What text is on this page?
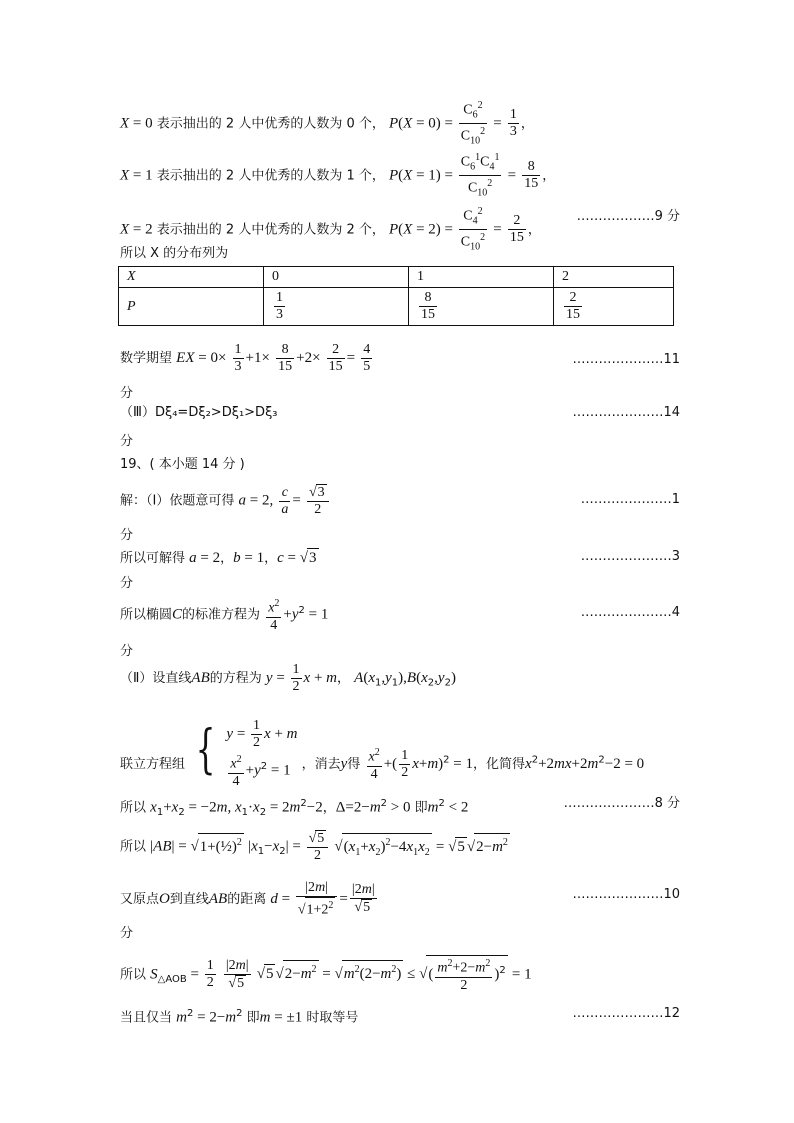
X = 0 表示抽出的 2 人中优秀的人数为 0 个， $P(X = 0) = \frac{C_6^2}{C_{10}^2} = \frac{1}{3}$ ，
X = 1 表示抽出的 2 人中优秀的人数为 1 个， $P(X = 1) = \frac{C_6^1C_4^1}{C_{10}^2} = \frac{8}{15}$ ，
X = 2 表示抽出的 2 人中优秀的人数为 2 个， $P(X = 2) = \frac{C_4^2}{C_{10}^2} = \frac{2}{15}$ ，
………………9 分
所以 X 的分布列为
X	0	1	2
P	$\frac{1}{3}$	$\frac{8}{15}$	$\frac{2}{15}$
数学期望 EX = $0\times \frac{1}{3} +1\times \frac{8}{15} +2\times \frac{2}{15} = \frac{4}{5}$	…………………11
分
（Ⅲ）Dξ₄=Dξ₂>Dξ₁>Dξ₃	…………………14
分
19、( 本小题 14 分 )
解：（Ⅰ）依题意可得 a = 2, $\frac{c}{a} = \frac{√3}{2}$	…………………1
分
所以可解得 a = 2，b = 1，c = √3	…………………3
分
所以椭圆C的标准方程为 $\frac{x^2}{4} +y^2 = 1$	…………………4
分
（Ⅱ）设直线AB的方程为 $y = \frac{1}{2}$ x + m， $A(x_1,y_1),B(x_2,y_2)$
联立方程组 { $y = \frac{1}{2}$ x + m
$\frac{x^2}{4} +y^2 = 1$ ，消去y得 $\frac{x^2}{4}$ +( $\frac{1}{2} x+m)^2 = 1$，化简得$x^2+2mx+2m^2-2 = 0$
所以 $x_1+x_2 = -2m$, $x_1\cdot x_2 = 2m^2-2$，$\Delta=2-m^2 > 0$ 即$m^2 < 2$	…………………8 分
所以 |AB| = √1+(½)$^2$ $|x_1-x_2| = \frac{√5}{2} √(x_1+x_2)^2-4x_1x_2 = √5$ $√2-m^2$
又原点O到直线AB的距离 $d = \frac{|2m|}{√1+2^2} = \frac{|2m|}{√5}$	…………………10
分
所以 $S_{\triangle AOB} = \frac{1}{2}$
$\frac{|2m|}{√5} √5$ $√2-m^2 = √m^2(2-m^2)$ ≤ √( $\frac{m^2+2-m^2}{2} )^2 = 1$
当且仅当 $m^2 = 2-m^2$ 即m = ±1 时取等号	…………………12
